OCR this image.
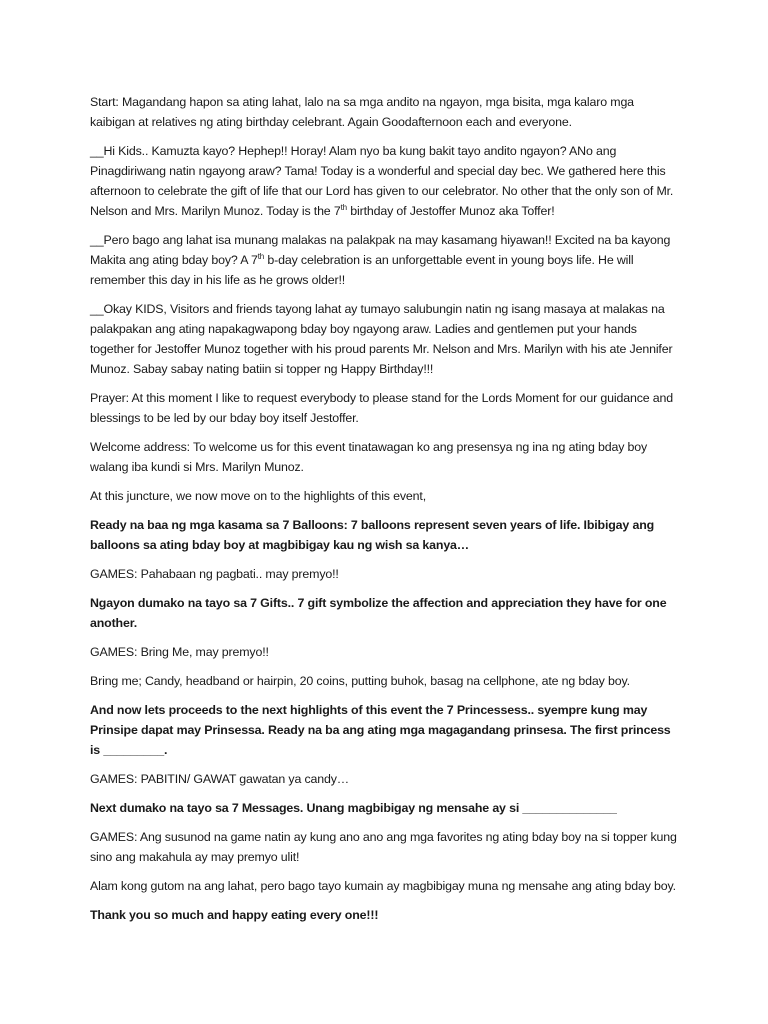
Start: Magandang hapon sa ating lahat, lalo na sa mga andito na ngayon, mga bisita, mga kalaro mga kaibigan at relatives ng ating birthday celebrant. Again Goodafternoon each and everyone.

__Hi Kids.. Kamuzta kayo? Hephep!! Horay! Alam nyo ba kung bakit tayo andito ngayon? ANo ang Pinagdiriwang natin ngayong araw? Tama! Today is a wonderful and special day bec. We gathered here this afternoon to celebrate the gift of life that our Lord has given to our celebrator. No other that the only son of Mr. Nelson and Mrs. Marilyn Munoz. Today is the 7th birthday of Jestoffer Munoz aka Toffer!

__Pero bago ang lahat isa munang malakas na palakpak na may kasamang hiyawan!! Excited na ba kayong Makita ang ating bday boy? A 7th b-day celebration is an unforgettable event in young boys life. He will remember this day in his life as he grows older!!

__Okay KIDS, Visitors and friends tayong lahat ay tumayo salubungin natin ng isang masaya at malakas na palakpakan ang ating napakagwapong bday boy ngayong araw. Ladies and gentlemen put your hands together for Jestoffer Munoz together with his proud parents Mr. Nelson and Mrs. Marilyn with his ate Jennifer Munoz. Sabay sabay nating batiin si topper ng Happy Birthday!!!

Prayer: At this moment I like to request everybody to please stand for the Lords Moment for our guidance and blessings to be led by our bday boy itself Jestoffer.

Welcome address: To welcome us for this event tinatawagan ko ang presensya ng ina ng ating bday boy walang iba kundi si Mrs. Marilyn Munoz.

At this juncture, we now move on to the highlights of this event,

Ready na baa ng mga kasama sa 7 Balloons: 7 balloons represent seven years of life. Ibibigay ang balloons sa ating bday boy at magbibigay kau ng wish sa kanya…

GAMES: Pahabaan ng pagbati.. may premyo!!

Ngayon dumako na tayo sa 7 Gifts.. 7 gift symbolize the affection and appreciation they have for one another.

GAMES: Bring Me, may premyo!!

Bring me; Candy, headband or hairpin, 20 coins, putting buhok, basag na cellphone, ate ng bday boy.

And now lets proceeds to the next highlights of this event the 7 Princessess.. syempre kung may Prinsipe dapat may Prinsessa. Ready na ba ang ating mga magagandang prinsesa. The first princess is _________.

GAMES: PABITIN/ GAWAT gawatan ya candy…

Next dumako na tayo sa 7 Messages. Unang magbibigay ng mensahe ay si ______________

GAMES: Ang susunod na game natin ay kung ano ano ang mga favorites ng ating bday boy na si topper kung sino ang makahula ay may premyo ulit!

Alam kong gutom na ang lahat, pero bago tayo kumain ay magbibigay muna ng mensahe ang ating bday boy.

Thank you so much and happy eating every one!!!
